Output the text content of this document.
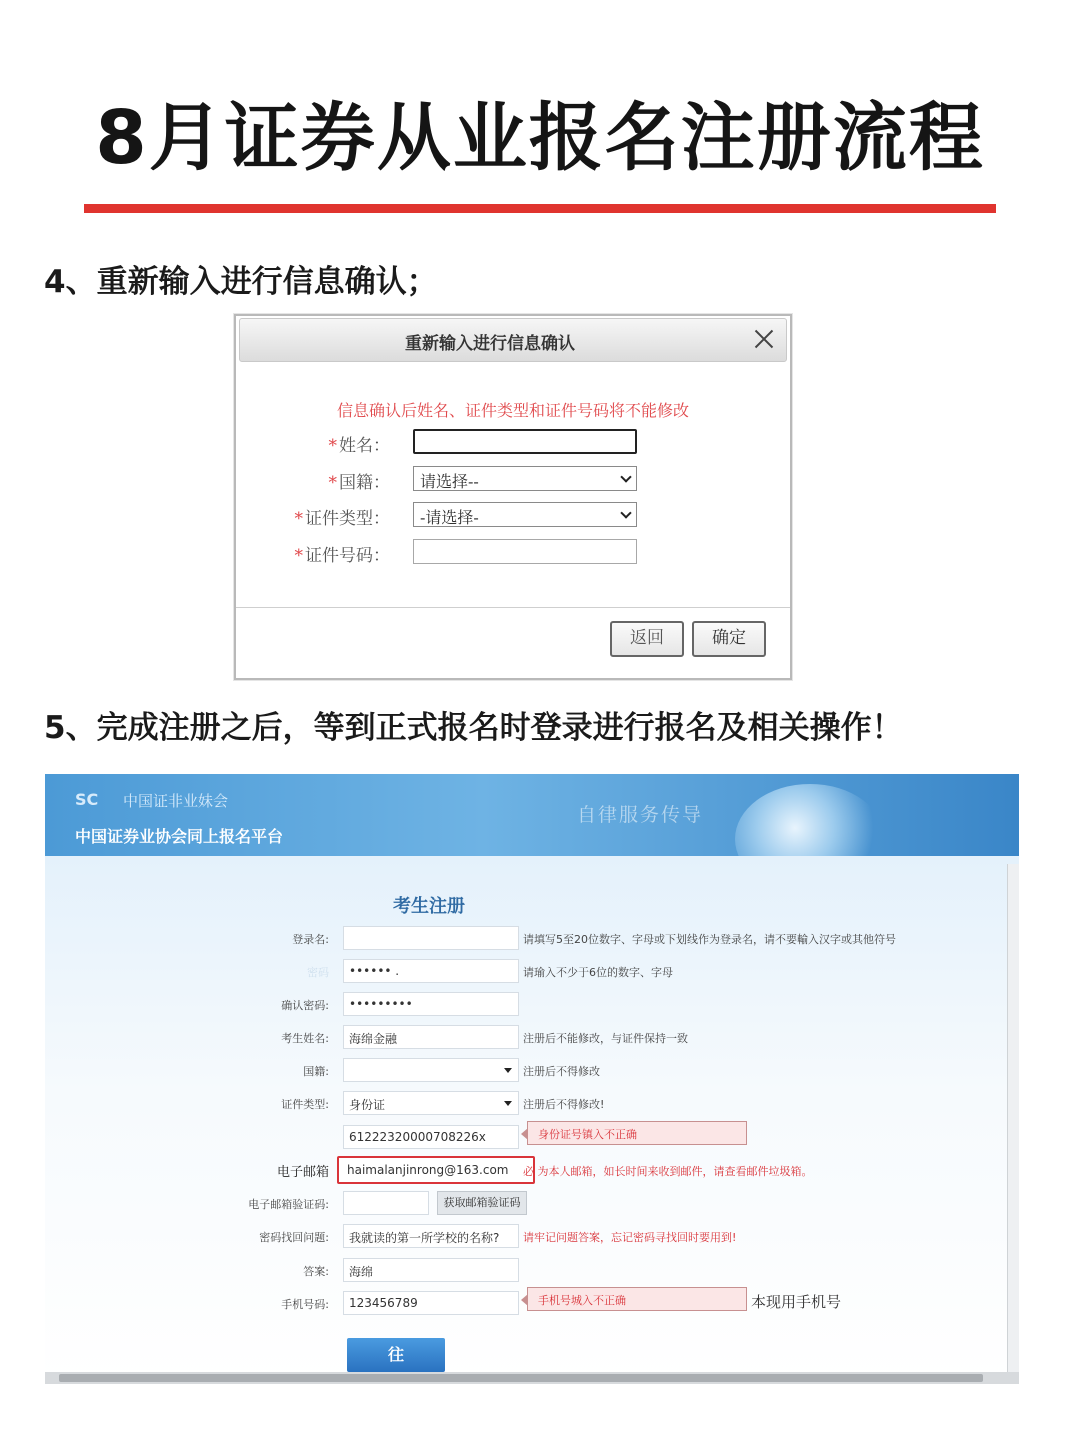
8月证券从业报名注册流程
4、重新输入进行信息确认；
重新输入进行信息确认
信息确认后姓名、证件类型和证件号码将不能修改
* 姓名：
* 国籍：	请选择--
* 证件类型：	-请选择-
* 证件号码：
返回	确定
5、完成注册之后，等到正式报名时登录进行报名及相关操作！
SC 中国证非业妹会
中国证券业协会同上报名平台
自律服务传导
考生注册
登录名:	请填写5至20位数字、字母或下划线作为登录名，请不要輸入汉字或其他符号
密码	•••••• .	请瑜入不少于6位的数字、字母
确认密码:	•••••••••
考生姓名:	海绵金融	注册后不能修改，与证件保持一致
国籍:	注册后不得修改
证件类型:	身份证	注册后不得修改!
61222320000708226x	身份证号镇入不正确
电子邮箱	haimalanjinrong@163.com	必 为本人邮箱，如长时间来收到邮件，请查看邮件垃圾箱。
电子邮箱验证码:	获取邮箱验证码
密码找回问题:	我就读的第一所学校的名称?	请牢记问题答案，忘记密码寻找回时要用到!
答案:	海绵
手机号码:	123456789	手机号城入不正确	本现用手机号
往
